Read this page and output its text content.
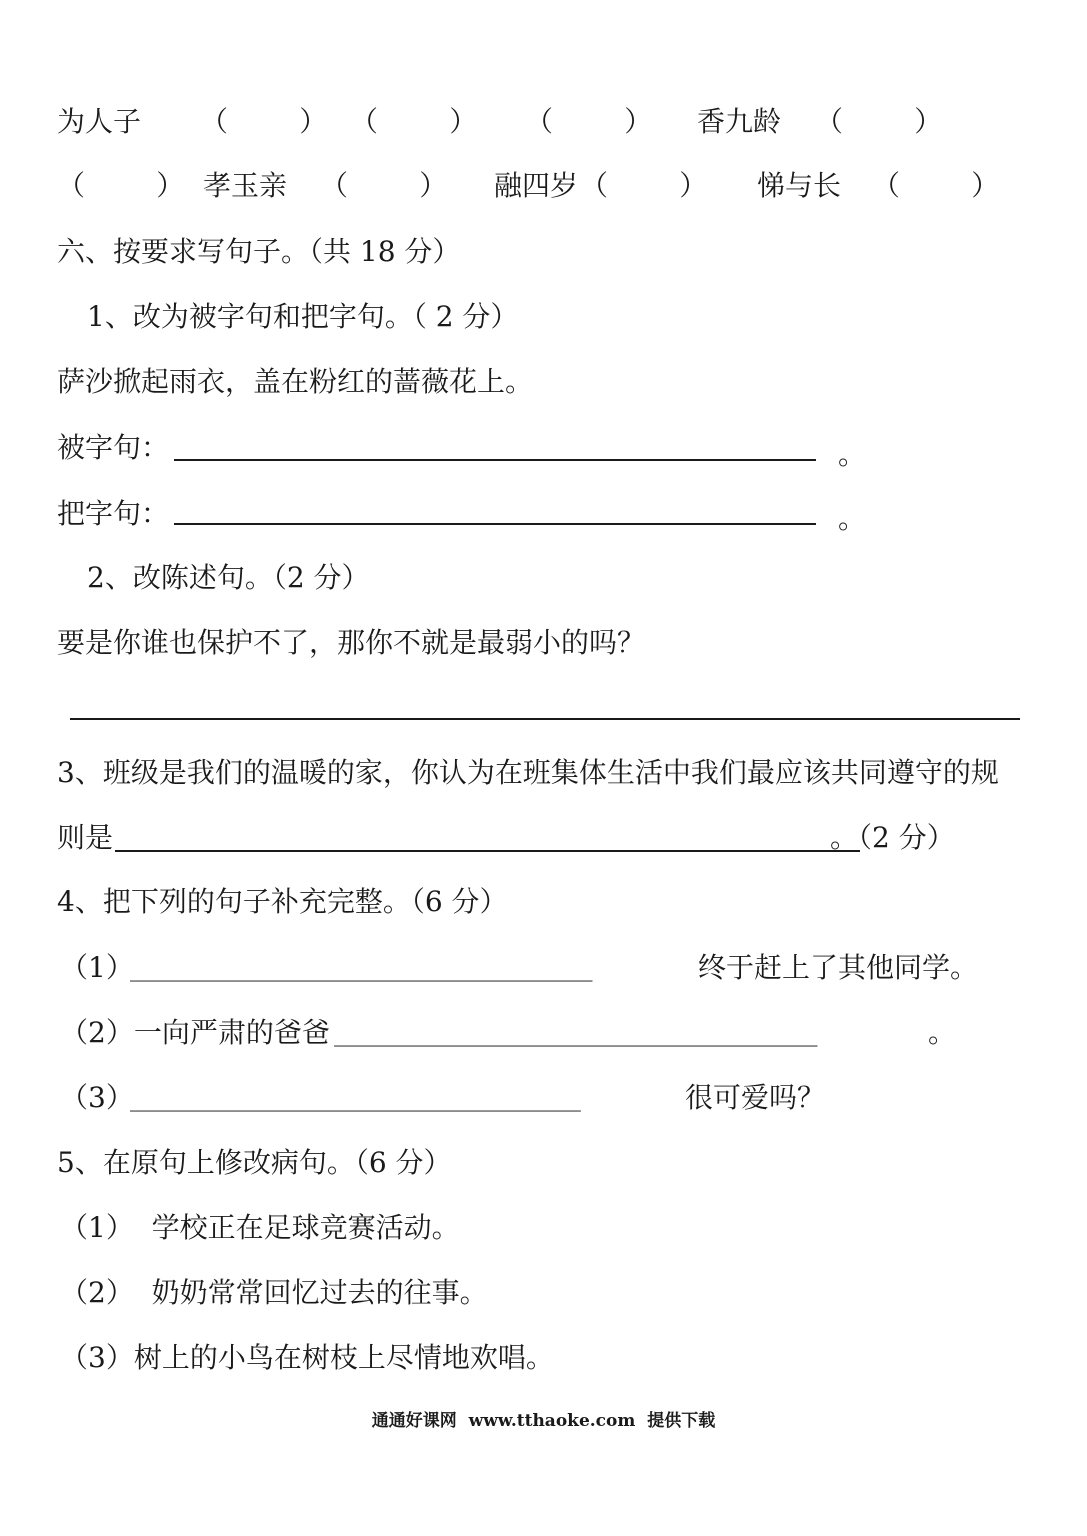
为人子 （        ） （        ） （        ） 香九龄 （        ）
（        ） 孝玉亲 （        ） 融四岁 （        ） 悌与长 （        ）
六、按要求写句子。（共 18 分）
1、改为被字句和把字句。（ 2 分）
萨沙掀起雨衣，盖在粉红的蔷薇花上。
被字句：	。
把字句：	。
2、改陈述句。（2 分）
要是你谁也保护不了，那你不就是最弱小的吗？
3、班级是我们的温暖的家，你认为在班集体生活中我们最应该共同遵守的规
则是	。（2 分）
4、把下列的句子补充完整。（6 分）
（1）
________________________________________	终于赶上了其他同学。
（2）一向严肃的爸爸 __________________________________________	。
（3）
_______________________________________	很可爱吗？
5、在原句上修改病句。（6 分）
（1）  学校正在足球竞赛活动。
（2）  奶奶常常回忆过去的往事。
（3）树上的小鸟在树枝上尽情地欢唱。
通通好课网  www.tthaoke.com  提供下载
